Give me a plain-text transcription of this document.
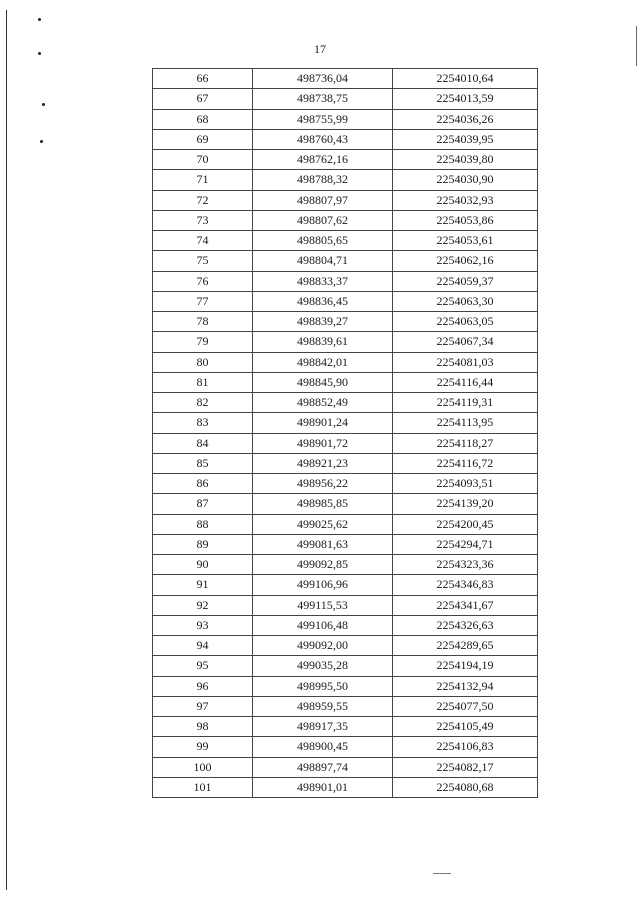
17
66	498736,04	2254010,64
67	498738,75	2254013,59
68	498755,99	2254036,26
69	498760,43	2254039,95
70	498762,16	2254039,80
71	498788,32	2254030,90
72	498807,97	2254032,93
73	498807,62	2254053,86
74	498805,65	2254053,61
75	498804,71	2254062,16
76	498833,37	2254059,37
77	498836,45	2254063,30
78	498839,27	2254063,05
79	498839,61	2254067,34
80	498842,01	2254081,03
81	498845,90	2254116,44
82	498852,49	2254119,31
83	498901,24	2254113,95
84	498901,72	2254118,27
85	498921,23	2254116,72
86	498956,22	2254093,51
87	498985,85	2254139,20
88	499025,62	2254200,45
89	499081,63	2254294,71
90	499092,85	2254323,36
91	499106,96	2254346,83
92	499115,53	2254341,67
93	499106,48	2254326,63
94	499092,00	2254289,65
95	499035,28	2254194,19
96	498995,50	2254132,94
97	498959,55	2254077,50
98	498917,35	2254105,49
99	498900,45	2254106,83
100	498897,74	2254082,17
101	498901,01	2254080,68
